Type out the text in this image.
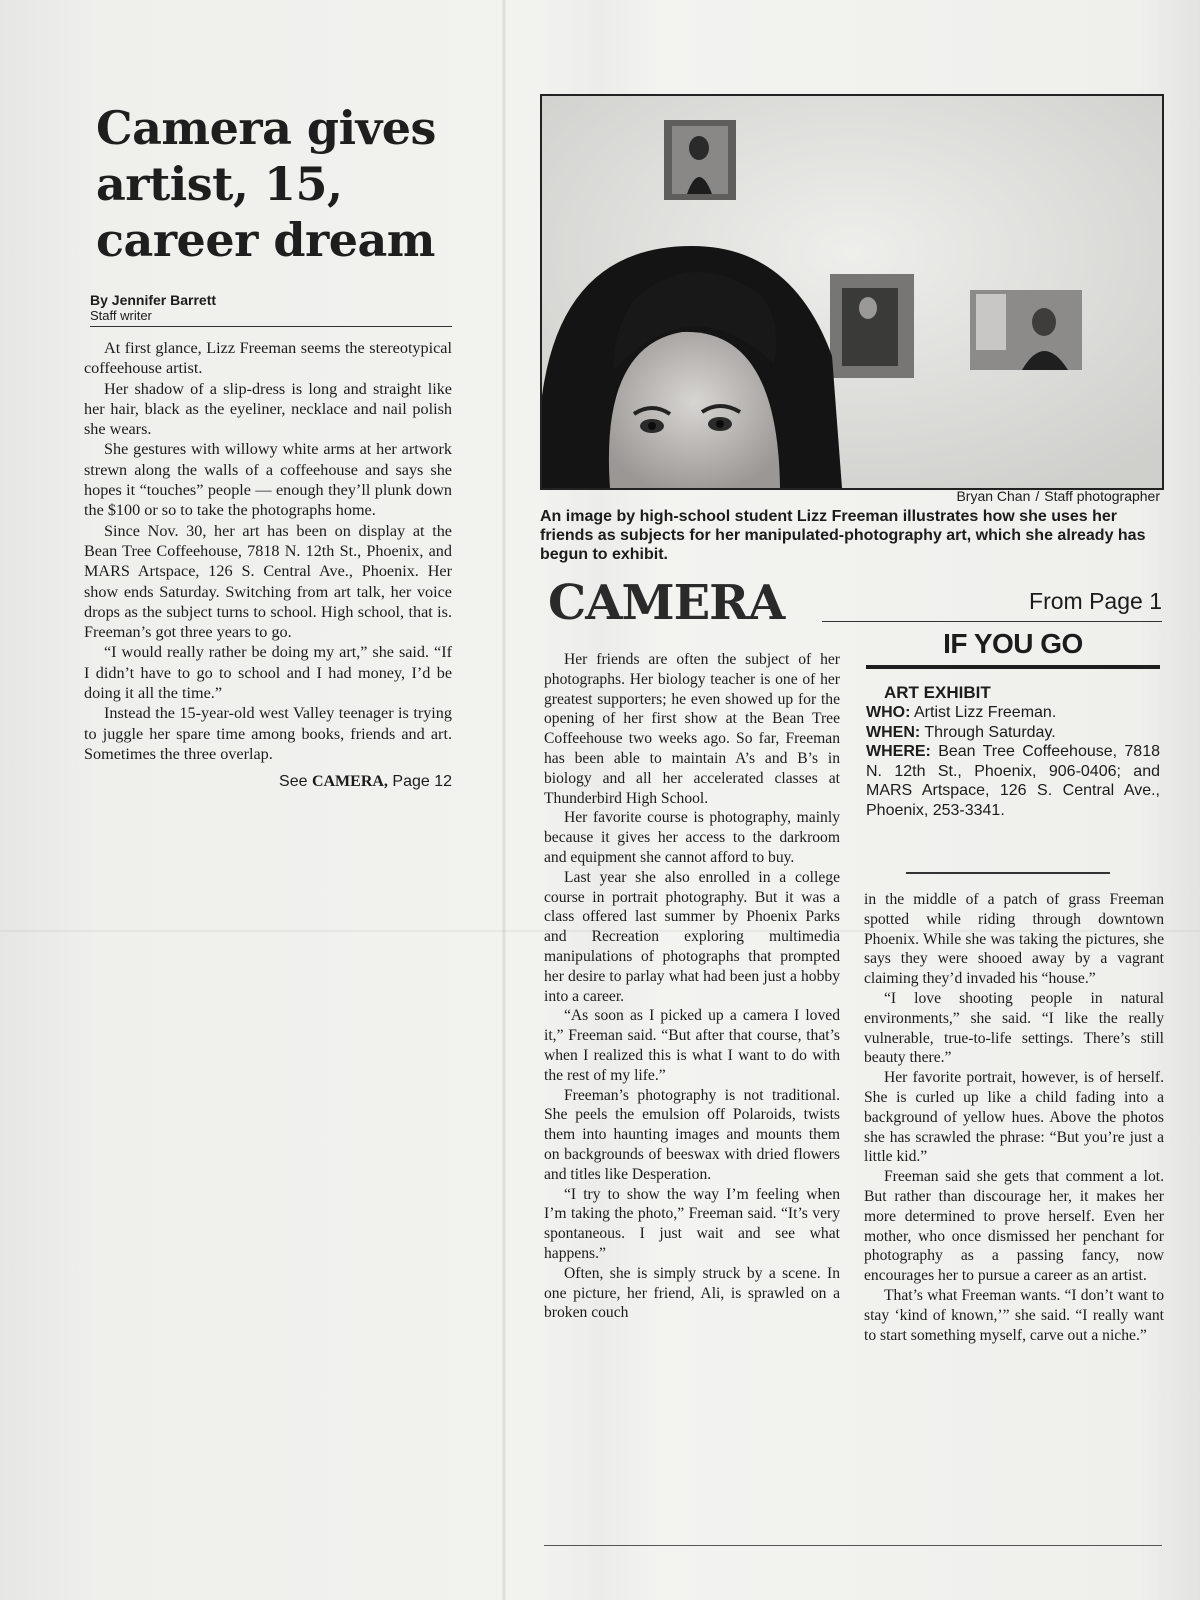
Camera gives artist, 15, career dream
By Jennifer Barrett
Staff writer

At first glance, Lizz Freeman seems the stereotypical coffeehouse artist.

Her shadow of a slip-dress is long and straight like her hair, black as the eyeliner, necklace and nail polish she wears.

She gestures with willowy white arms at her artwork strewn along the walls of a coffeehouse and says she hopes it “touches” people — enough they’ll plunk down the $100 or so to take the photographs home.

Since Nov. 30, her art has been on display at the Bean Tree Coffeehouse, 7818 N. 12th St., Phoenix, and MARS Artspace, 126 S. Central Ave., Phoenix. Her show ends Saturday. Switching from art talk, her voice drops as the subject turns to school. High school, that is. Freeman’s got three years to go.

“I would really rather be doing my art,” she said. “If I didn’t have to go to school and I had money, I’d be doing it all the time.”

Instead the 15-year-old west Valley teenager is trying to juggle her spare time among books, friends and art. Sometimes the three overlap.

See CAMERA, Page 12

Bryan Chan / Staff photographer

An image by high-school student Lizz Freeman illustrates how she uses her friends as subjects for her manipulated-photography art, which she already has begun to exhibit.

CAMERA	From Page 1

Her friends are often the subject of her photographs. Her biology teacher is one of her greatest supporters; he even showed up for the opening of her first show at the Bean Tree Coffeehouse two weeks ago. So far, Freeman has been able to maintain A’s and B’s in biology and all her accelerated classes at Thunderbird High School.

Her favorite course is photography, mainly because it gives her access to the darkroom and equipment she cannot afford to buy.

Last year she also enrolled in a college course in portrait photography. But it was a class offered last summer by Phoenix Parks and Recreation exploring multimedia manipulations of photographs that prompted her desire to parlay what had been just a hobby into a career.

“As soon as I picked up a camera I loved it,” Freeman said. “But after that course, that’s when I realized this is what I want to do with the rest of my life.”

Freeman’s photography is not traditional. She peels the emulsion off Polaroids, twists them into haunting images and mounts them on backgrounds of beeswax with dried flowers and titles like Desperation.

“I try to show the way I’m feeling when I’m taking the photo,” Freeman said. “It’s very spontaneous. I just wait and see what happens.”

Often, she is simply struck by a scene. In one picture, her friend, Ali, is sprawled on a broken couch

IF YOU GO

ART EXHIBIT

WHO: Artist Lizz Freeman.

WHEN: Through Saturday.

WHERE: Bean Tree Coffeehouse, 7818 N. 12th St., Phoenix, 906-0406; and MARS Artspace, 126 S. Central Ave., Phoenix, 253-3341.

in the middle of a patch of grass Freeman spotted while riding through downtown Phoenix. While she was taking the pictures, she says they were shooed away by a vagrant claiming they’d invaded his “house.”

“I love shooting people in natural environments,” she said. “I like the really vulnerable, true-to-life settings. There’s still beauty there.”

Her favorite portrait, however, is of herself. She is curled up like a child fading into a background of yellow hues. Above the photos she has scrawled the phrase: “But you’re just a little kid.”

Freeman said she gets that comment a lot. But rather than discourage her, it makes her more determined to prove herself. Even her mother, who once dismissed her penchant for photography as a passing fancy, now encourages her to pursue a career as an artist.

That’s what Freeman wants. “I don’t want to stay ‘kind of known,’” she said. “I really want to start something myself, carve out a niche.”
